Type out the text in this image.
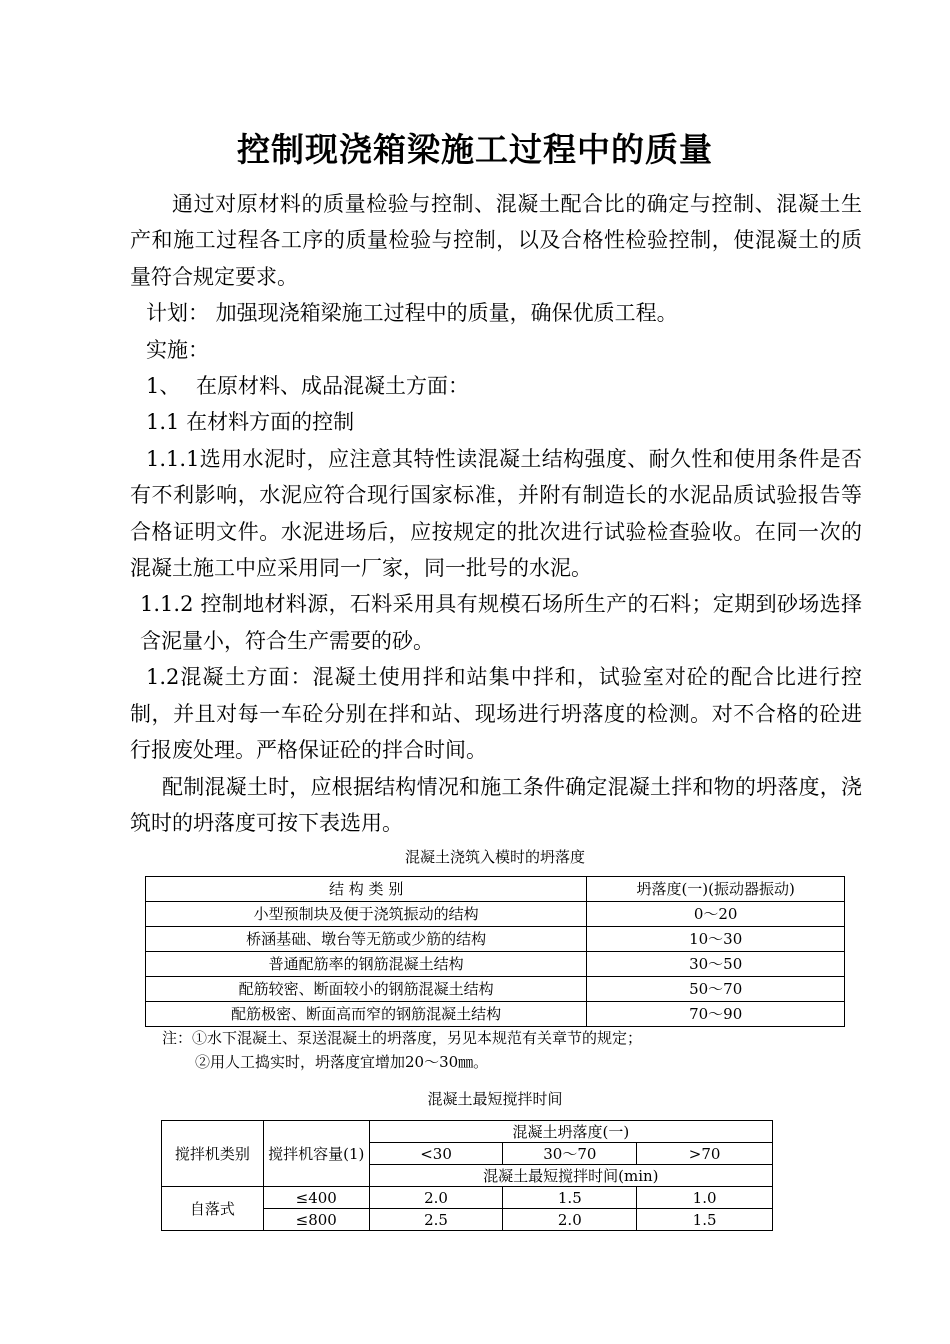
控制现浇箱梁施工过程中的质量

通过对原材料的质量检验与控制、混凝土配合比的确定与控制、混凝土生产和施工过程各工序的质量检验与控制，以及合格性检验控制，使混凝土的质量符合规定要求。

计划： 加强现浇箱梁施工过程中的质量，确保优质工程。

实施：

1、 在原材料、成品混凝土方面：

1.1 在材料方面的控制

1.1.1选用水泥时，应注意其特性读混凝土结构强度、耐久性和使用条件是否有不利影响，水泥应符合现行国家标准，并附有制造长的水泥品质试验报告等合格证明文件。水泥进场后，应按规定的批次进行试验检查验收。在同一次的混凝土施工中应采用同一厂家，同一批号的水泥。

1.1.2 控制地材料源，石料采用具有规模石场所生产的石料；定期到砂场选择含泥量小，符合生产需要的砂。

1.2混凝土方面：混凝土使用拌和站集中拌和，试验室对砼的配合比进行控制，并且对每一车砼分别在拌和站、现场进行坍落度的检测。对不合格的砼进行报废处理。严格保证砼的拌合时间。

配制混凝土时，应根据结构情况和施工条件确定混凝土拌和物的坍落度，浇筑时的坍落度可按下表选用。

混凝土浇筑入模时的坍落度
结 构 类 别	坍落度(一)(振动器振动)
小型预制块及便于浇筑振动的结构	0～20
桥涵基础、墩台等无筋或少筋的结构	10～30
普通配筋率的钢筋混凝土结构	30～50
配筋较密、断面较小的钢筋混凝土结构	50～70
配筋极密、断面高而窄的钢筋混凝土结构	70～90
注：①水下混凝土、泵送混凝土的坍落度，另见本规范有关章节的规定；
②用人工捣实时，坍落度宜增加20～30㎜。
混凝土最短搅拌时间
搅拌机类别	搅拌机容量(1)	混凝土坍落度(一)		
		<30	30～70	>70
		混凝土最短搅拌时间(min)		
自落式	≤400	2.0	1.5	1.0
	≤800	2.5	2.0	1.5
